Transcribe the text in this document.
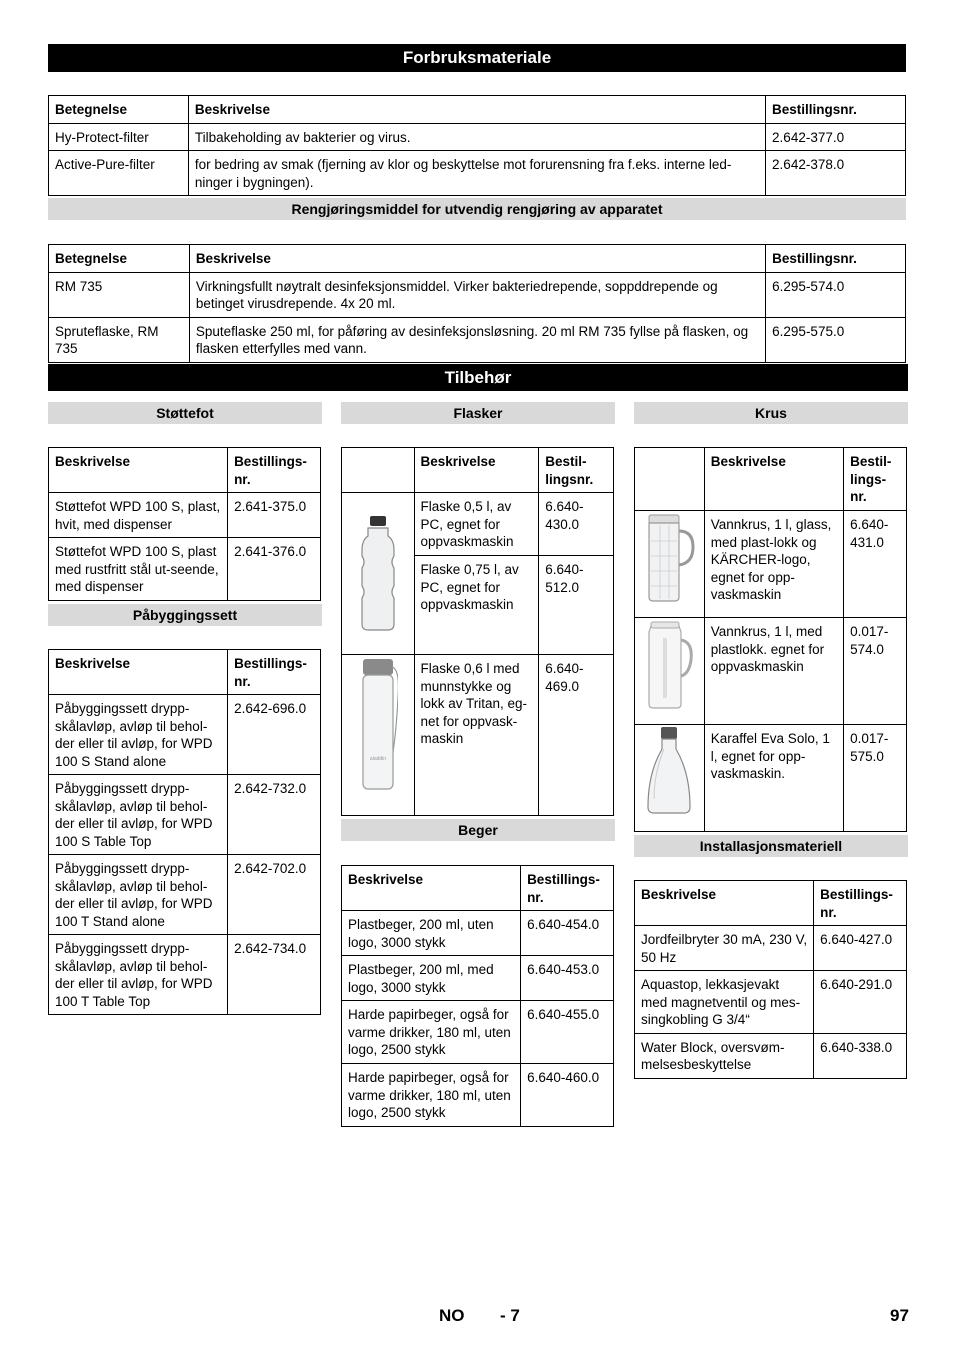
Forbruksmateriale
Betegnelse	Beskrivelse	Bestillingsnr.
Hy-Protect-filter	Tilbakeholding av bakterier og virus.	2.642-377.0
Active-Pure-filter	for bedring av smak (fjerning av klor og beskyttelse mot forurensning fra f.eks. interne led-ninger i bygningen).	2.642-378.0
Rengjøringsmiddel for utvendig rengjøring av apparatet
Betegnelse	Beskrivelse	Bestillingsnr.
RM 735	Virkningsfullt nøytralt desinfeksjonsmiddel. Virker bakteriedrepende, soppddrepende og betinget virusdrepende. 4x 20 ml.	6.295-574.0
Spruteflaske, RM 735	Sputeflaske 250 ml, for påføring av desinfeksjonsløsning. 20 ml RM 735 fyllse på flasken, og flasken etterfylles med vann.	6.295-575.0
Tilbehør
Støttefot
Beskrivelse	Bestillings-nr.
Støttefot WPD 100 S, plast, hvit, med dispenser	2.641-375.0
Støttefot WPD 100 S, plast med rustfritt stål ut-seende, med dispenser	2.641-376.0
Påbyggingssett
Beskrivelse	Bestillings-nr.
Påbyggingssett drypp-skålavløp, avløp til behol-der eller til avløp, for WPD 100 S Stand alone	2.642-696.0
Påbyggingssett drypp-skålavløp, avløp til behol-der eller til avløp, for WPD 100 S Table Top	2.642-732.0
Påbyggingssett drypp-skålavløp, avløp til behol-der eller til avløp, for WPD 100 T Stand alone	2.642-702.0
Påbyggingssett drypp-skålavløp, avløp til behol-der eller til avløp, for WPD 100 T Table Top	2.642-734.0
Flasker
	Beskrivelse	Bestil-lingsnr.

	Flaske 0,5 l, av PC, egnet for oppvaskmaskin	6.640-430.0
	Flaske 0,75 l, av PC, egnet for oppvaskmaskin	6.640-512.0

aladdin	Flaske 0,6 l med munnstykke og lokk av Tritan, eg-net for oppvask-maskin	6.640-469.0
Beger
Beskrivelse	Bestillings-nr.
Plastbeger, 200 ml, uten logo, 3000 stykk	6.640-454.0
Plastbeger, 200 ml, med logo, 3000 stykk	6.640-453.0
Harde papirbeger, også for varme drikker, 180 ml, uten logo, 2500 stykk	6.640-455.0
Harde papirbeger, også for varme drikker, 180 ml, uten logo, 2500 stykk	6.640-460.0
Krus
	Beskrivelse	Bestil-lings-nr.

	Vannkrus, 1 l, glass, med plast-lokk og KÄRCHER-logo, egnet for opp-vaskmaskin	6.640-431.0

	Vannkrus, 1 l, med plastlokk. egnet for oppvaskmaskin	0.017-574.0

	Karaffel Eva Solo, 1 l, egnet for opp-vaskmaskin.	0.017-575.0
Installasjonsmateriell
Beskrivelse	Bestillings-nr.
Jordfeilbryter 30 mA, 230 V, 50 Hz	6.640-427.0
Aquastop, lekkasjevakt med magnetventil og mes-singkobling G 3/4“	6.640-291.0
Water Block, oversvøm-melsesbeskyttelse	6.640-338.0
NO - 7	97
